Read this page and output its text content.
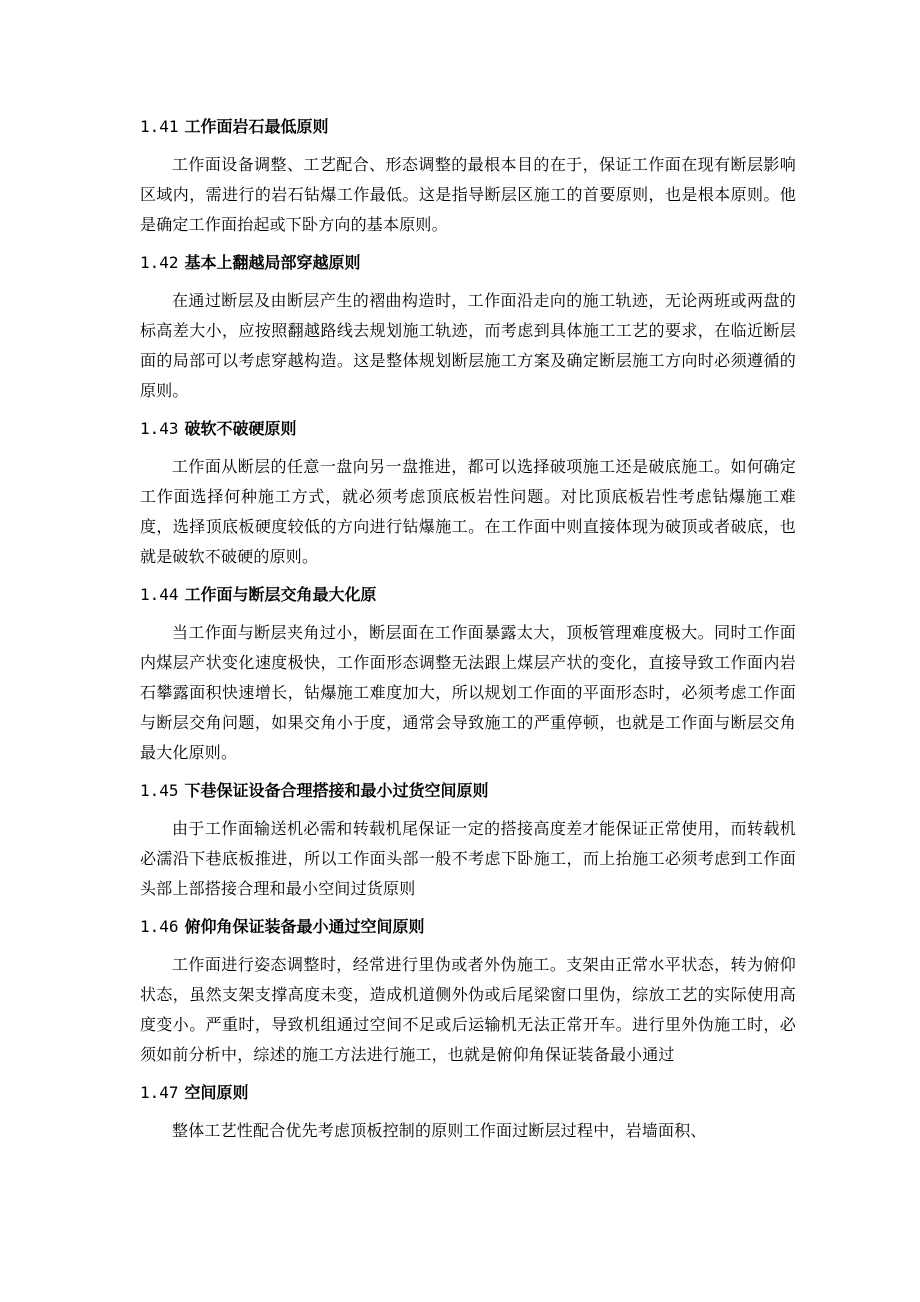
1.41 工作面岩石最低原则

工作面设备调整、工艺配合、形态调整的最根本目的在于，保证工作面在现有断层影响区域内，需进行的岩石钻爆工作最低。这是指导断层区施工的首要原则，也是根本原则。他是确定工作面抬起或下卧方向的基本原则。

1.42 基本上翻越局部穿越原则

在通过断层及由断层产生的褶曲构造时，工作面沿走向的施工轨迹，无论两班或两盘的标高差大小，应按照翻越路线去规划施工轨迹，而考虑到具体施工工艺的要求，在临近断层面的局部可以考虑穿越构造。这是整体规划断层施工方案及确定断层施工方向时必须遵循的原则。

1.43 破软不破硬原则

工作面从断层的任意一盘向另一盘推进，都可以选择破项施工还是破底施工。如何确定工作面选择何种施工方式，就必须考虑顶底板岩性问题。对比顶底板岩性考虑钻爆施工难度，选择顶底板硬度较低的方向进行钻爆施工。在工作面中则直接体现为破顶或者破底，也就是破软不破硬的原则。

1.44 工作面与断层交角最大化原

当工作面与断层夹角过小，断层面在工作面暴露太大，顶板管理难度极大。同时工作面内煤层产状变化速度极快，工作面形态调整无法跟上煤层产状的变化，直接导致工作面内岩石攀露面积快速增长，钻爆施工难度加大，所以规划工作面的平面形态时，必须考虑工作面与断层交角问题，如果交角小于度，通常会导致施工的严重停顿，也就是工作面与断层交角最大化原则。

1.45 下巷保证设备合理搭接和最小过货空间原则

由于工作面输送机必需和转载机尾保证一定的搭接高度差才能保证正常使用，而转载机必濡沿下巷底板推进，所以工作面头部一般不考虑下卧施工，而上抬施工必须考虑到工作面头部上部搭接合理和最小空间过货原则

1.46 俯仰角保证装备最小通过空间原则

工作面进行姿态调整时，经常进行里伪或者外伪施工。支架由正常水平状态，转为俯仰状态，虽然支架支撑高度未变，造成机道侧外伪或后尾梁窗口里伪，综放工艺的实际使用高度变小。严重时，导致机组通过空间不足或后运输机无法正常开车。进行里外伪施工时，必须如前分析中，综述的施工方法进行施工，也就是俯仰角保证装备最小通过

1.47 空间原则

整体工艺性配合优先考虑顶板控制的原则工作面过断层过程中，岩墙面积、
